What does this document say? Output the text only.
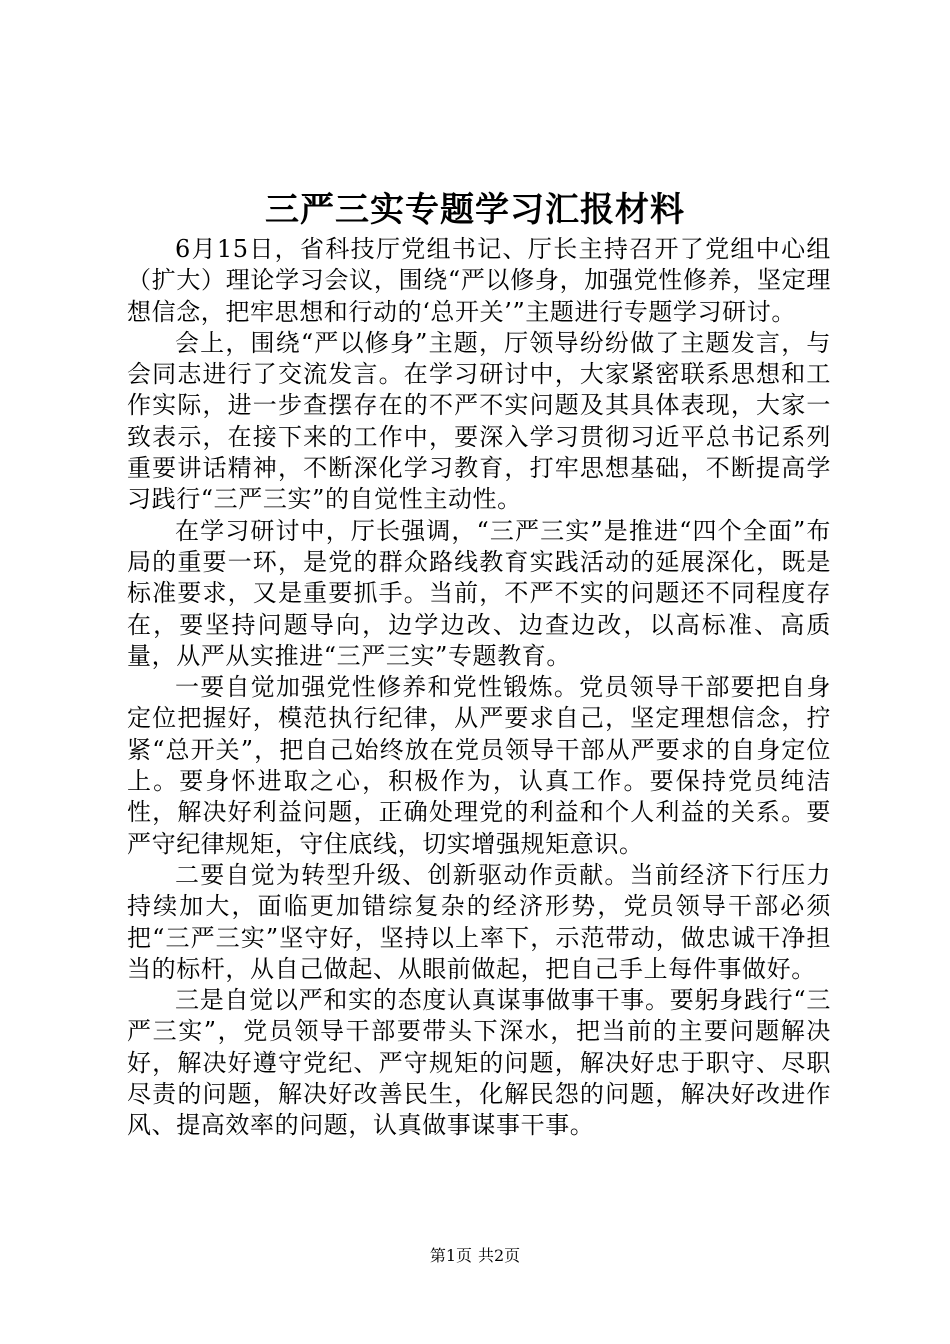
三严三实专题学习汇报材料

6月15日，省科技厅党组书记、厅长主持召开了党组中心组（扩大）理论学习会议，围绕“严以修身，加强党性修养，坚定理想信念，把牢思想和行动的‘总开关’”主题进行专题学习研讨。

会上，围绕“严以修身”主题，厅领导纷纷做了主题发言，与会同志进行了交流发言。在学习研讨中，大家紧密联系思想和工作实际，进一步查摆存在的不严不实问题及其具体表现，大家一致表示，在接下来的工作中，要深入学习贯彻习近平总书记系列重要讲话精神，不断深化学习教育，打牢思想基础，不断提高学习践行“三严三实”的自觉性主动性。

在学习研讨中，厅长强调，“三严三实”是推进“四个全面”布局的重要一环，是党的群众路线教育实践活动的延展深化，既是标准要求，又是重要抓手。当前，不严不实的问题还不同程度存在，要坚持问题导向，边学边改、边查边改，以高标准、高质量，从严从实推进“三严三实”专题教育。

一要自觉加强党性修养和党性锻炼。党员领导干部要把自身定位把握好，模范执行纪律，从严要求自己，坚定理想信念，拧紧“总开关”，把自己始终放在党员领导干部从严要求的自身定位上。要身怀进取之心，积极作为，认真工作。要保持党员纯洁性，解决好利益问题，正确处理党的利益和个人利益的关系。要严守纪律规矩，守住底线，切实增强规矩意识。

二要自觉为转型升级、创新驱动作贡献。当前经济下行压力持续加大，面临更加错综复杂的经济形势，党员领导干部必须把“三严三实”坚守好，坚持以上率下，示范带动，做忠诚干净担当的标杆，从自己做起、从眼前做起，把自己手上每件事做好。

三是自觉以严和实的态度认真谋事做事干事。要躬身践行“三严三实”，党员领导干部要带头下深水，把当前的主要问题解决好，解决好遵守党纪、严守规矩的问题，解决好忠于职守、尽职尽责的问题，解决好改善民生，化解民怨的问题，解决好改进作风、提高效率的问题，认真做事谋事干事。

第1页 共2页
